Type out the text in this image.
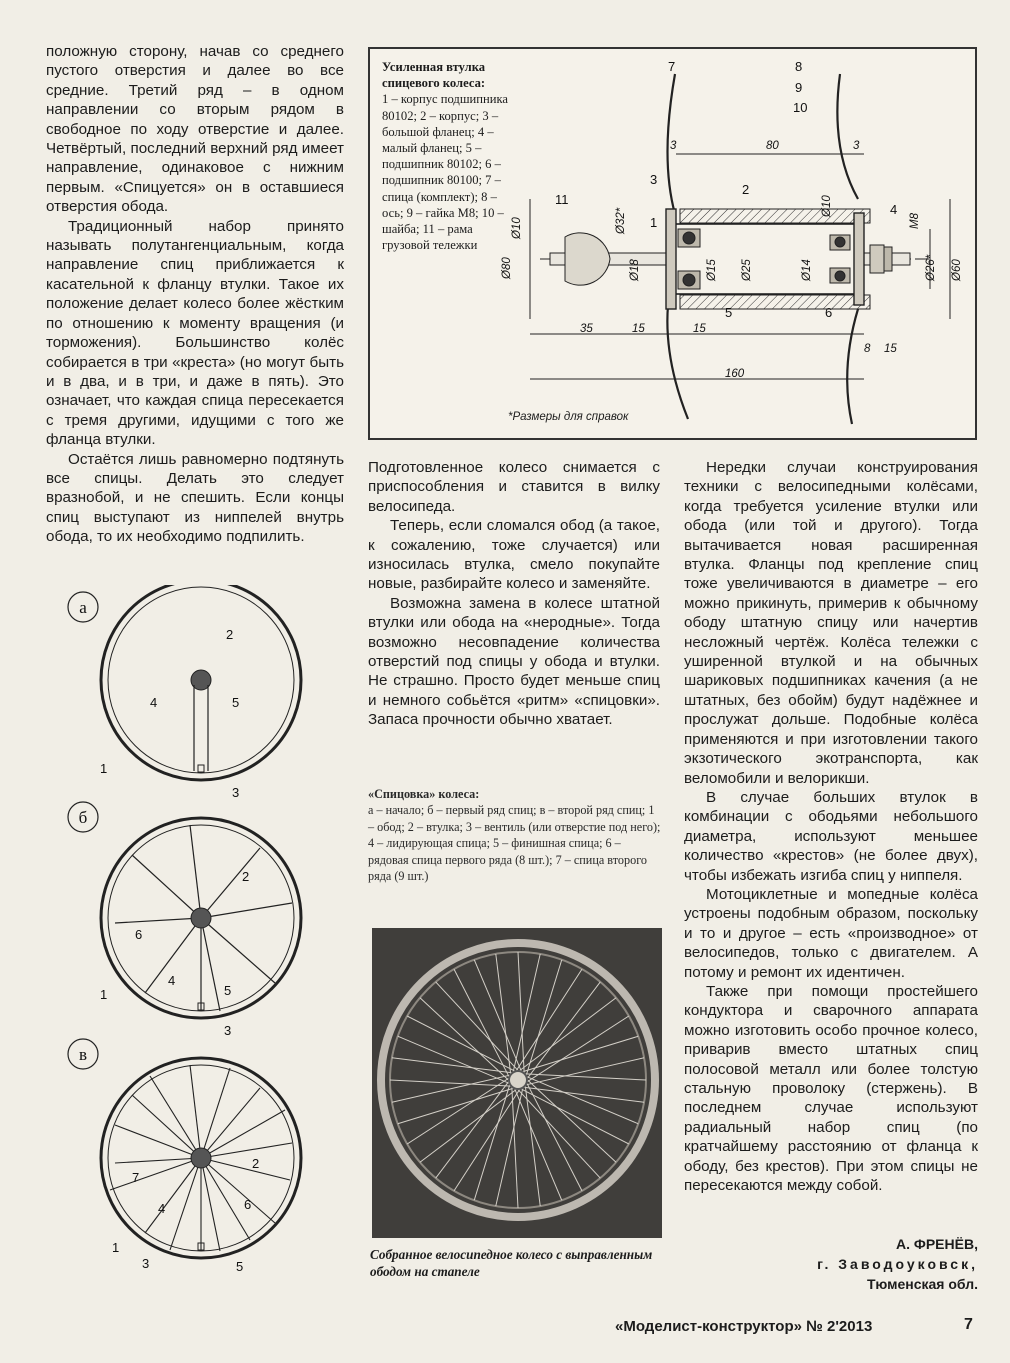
положную сторону, начав со среднего пустого отверстия и далее во все средние. Третий ряд – в одном направлении со вторым рядом в свободное по ходу отверстие и далее. Четвёртый, последний верхний ряд имеет направление, одинаковое с нижним первым. «Спицуется» он в оставшиеся отверстия обода.

Традиционный набор принято называть полутангенциальным, когда направление спиц приближается к касательной к фланцу втулки. Такое их положение делает колесо более жёстким по отношению к моменту вращения (и торможения). Большинство колёс собирается в три «креста» (но могут быть и в два, и в три, и даже в пять). Это означает, что каждая спица пересекается с тремя другими, идущими с того же фланца втулки.

Остаётся лишь равномерно подтянуть все спицы. Делать это следует вразнобой, и не спешить. Если концы спиц выступают из ниппелей внутрь обода, то их необходимо подпилить.

7	8
9
10
3
2
11
1
4
5	6
80
3	3
35	15	15
8 15
160
Ø10
Ø80
Ø32*
Ø18	Ø15 Ø25	Ø14
Ø10
М8
Ø26* Ø60
Усиленная втулка спицевого колеса:
1 – корпус подшипника 80102; 2 – корпус; 3 – большой фланец; 4 – малый фланец; 5 – подшипник 80102; 6 – подшипник 80100; 7 – спица (комплект); 8 – ось; 9 – гайка М8; 10 – шайба; 11 – рама грузовой тележки
*Размеры для справок
а
б
в
2
4	5
1
3
2
6
4
5
1
3
2
7
4	6
1
3	5

Подготовленное колесо снимается с приспособления и ставится в вилку велосипеда.

Теперь, если сломался обод (а такое, к сожалению, тоже случается) или износилась втулка, смело покупайте новые, разбирайте колесо и заменяйте.

Возможна замена в колесе штатной втулки или обода на «неродные». Тогда возможно несовпадение количества отверстий под спицы у обода и втулки. Не страшно. Просто будет меньше спиц и немного собьётся «ритм» «спицовки». Запаса прочности обычно хватает.

«Спицовка» колеса:
а – начало; б – первый ряд спиц; в – второй ряд спиц; 1 – обод; 2 – втулка; 3 – вентиль (или отверстие под него); 4 – лидирующая спица; 5 – финишная спица; 6 – рядовая спица первого ряда (8 шт.); 7 – спица второго ряда (9 шт.)
Собранное велосипедное колесо с выправленным ободом на стапеле

Нередки случаи конструирования техники с велосипедными колёсами, когда требуется усиление втулки или обода (или той и другого). Тогда вытачивается новая расширенная втулка. Фланцы под крепление спиц тоже увеличиваются в диаметре – его можно прикинуть, примерив к обычному ободу штатную спицу или начертив несложный чертёж. Колёса тележки с уширенной втулкой и на обычных шариковых подшипниках качения (а не штатных, без обойм) будут надёжнее и прослужат дольше. Подобные колёса применяются и при изготовлении такого экзотического экотранспорта, как веломобили и велорикши.

В случае больших втулок в комбинации с ободьями небольшого диаметра, используют меньшее количество «крестов» (не более двух), чтобы избежать изгиба спиц у ниппеля.

Мотоциклетные и мопедные колёса устроены подобным образом, поскольку и то и другое – есть «производное» от велосипедов, только с двигателем. А потому и ремонт их идентичен.

Также при помощи простейшего кондуктора и сварочного аппарата можно изготовить особо прочное колесо, приварив вместо штатных спиц полосовой металл или более толстую стальную проволоку (стержень). В последнем случае используют радиальный набор спиц (по кратчайшему расстоянию от фланца к ободу, без крестов). При этом спицы не пересекаются между собой.

А. ФРЕНЁВ,
г. Заводоуковск,
Тюменская обл.
«Моделист-конструктор» № 2'2013	7
